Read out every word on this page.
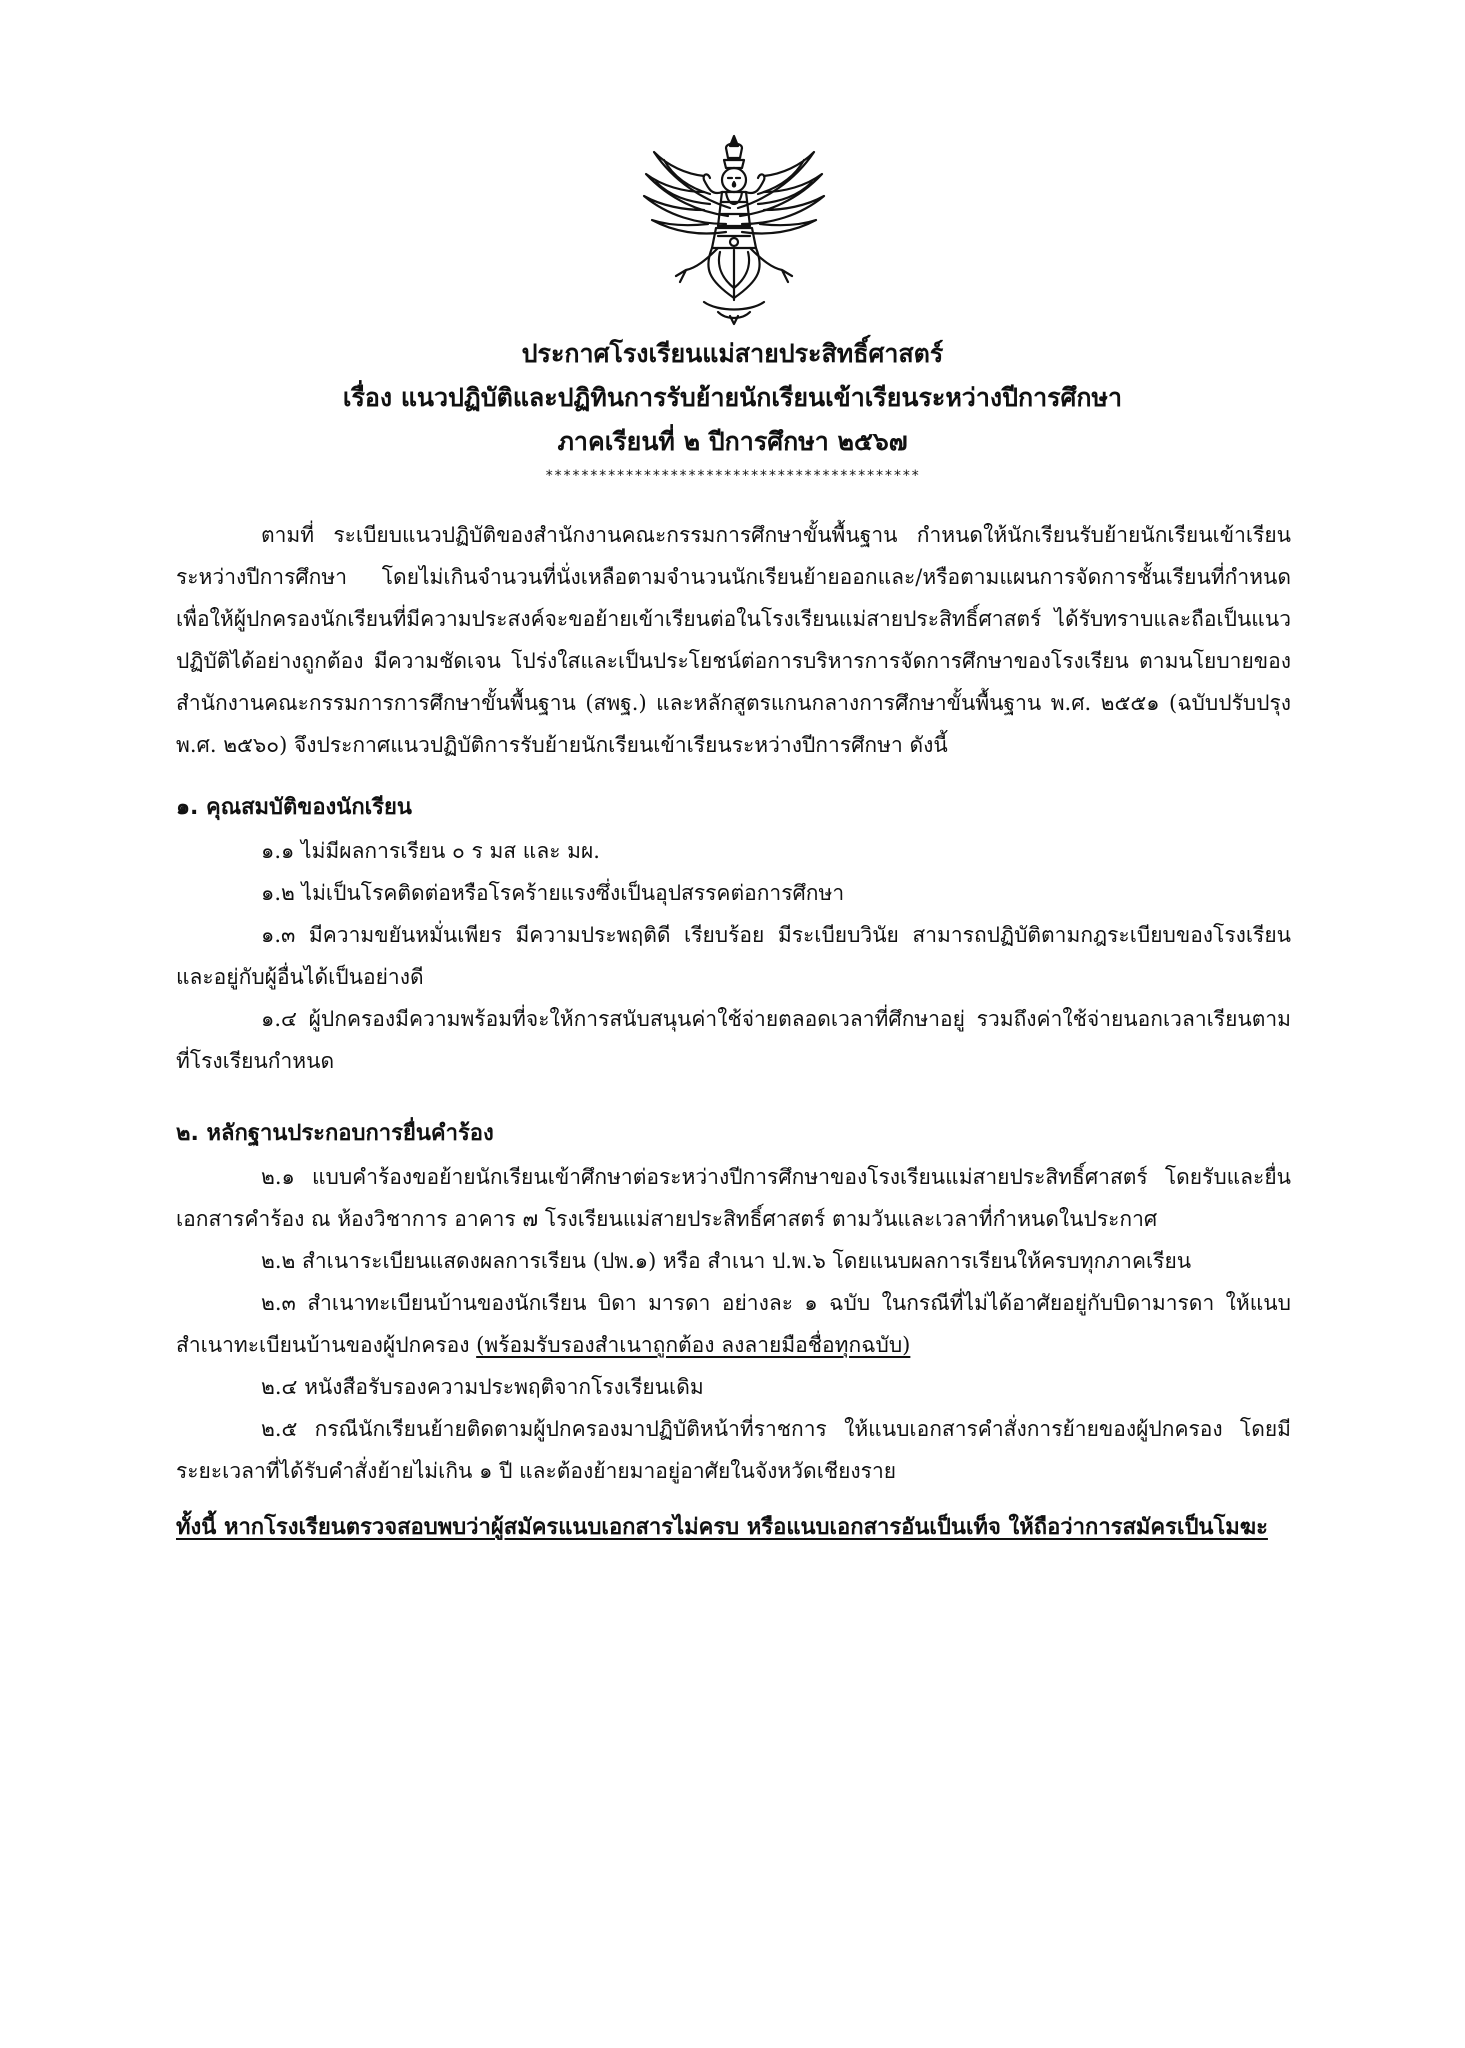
ประกาศโรงเรียนแม่สายประสิทธิ์ศาสตร์
เรื่อง แนวปฏิบัติและปฏิทินการรับย้ายนักเรียนเข้าเรียนระหว่างปีการศึกษา
ภาคเรียนที่ ๒ ปีการศึกษา ๒๕๖๗
******************************************

ตามที่ ระเบียบแนวปฏิบัติของสำนักงานคณะกรรมการศึกษาขั้นพื้นฐาน กำหนดให้นักเรียนรับย้ายนักเรียนเข้าเรียนระหว่างปีการศึกษา โดยไม่เกินจำนวนที่นั่งเหลือตามจำนวนนักเรียนย้ายออกและ/หรือตามแผนการจัดการชั้นเรียนที่กำหนด เพื่อให้ผู้ปกครองนักเรียนที่มีความประสงค์จะขอย้ายเข้าเรียนต่อในโรงเรียนแม่สายประสิทธิ์ศาสตร์ ได้รับทราบและถือเป็นแนวปฏิบัติได้อย่างถูกต้อง มีความชัดเจน โปร่งใสและเป็นประโยชน์ต่อการบริหารการจัดการศึกษาของโรงเรียน ตามนโยบายของสำนักงานคณะกรรมการการศึกษาขั้นพื้นฐาน (สพฐ.) และหลักสูตรแกนกลางการศึกษาขั้นพื้นฐาน พ.ศ. ๒๕๕๑ (ฉบับปรับปรุง พ.ศ. ๒๕๖๐) จึงประกาศแนวปฏิบัติการรับย้ายนักเรียนเข้าเรียนระหว่างปีการศึกษา ดังนี้

๑. คุณสมบัติของนักเรียน

๑.๑ ไม่มีผลการเรียน ๐ ร มส และ มผ.

๑.๒ ไม่เป็นโรคติดต่อหรือโรคร้ายแรงซึ่งเป็นอุปสรรคต่อการศึกษา

๑.๓ มีความขยันหมั่นเพียร มีความประพฤติดี เรียบร้อย มีระเบียบวินัย สามารถปฏิบัติตามกฎระเบียบของโรงเรียน และอยู่กับผู้อื่นได้เป็นอย่างดี

๑.๔ ผู้ปกครองมีความพร้อมที่จะให้การสนับสนุนค่าใช้จ่ายตลอดเวลาที่ศึกษาอยู่ รวมถึงค่าใช้จ่ายนอกเวลาเรียนตามที่โรงเรียนกำหนด

๒. หลักฐานประกอบการยื่นคำร้อง

๒.๑ แบบคำร้องขอย้ายนักเรียนเข้าศึกษาต่อระหว่างปีการศึกษาของโรงเรียนแม่สายประสิทธิ์ศาสตร์ โดยรับและยื่นเอกสารคำร้อง ณ ห้องวิชาการ อาคาร ๗ โรงเรียนแม่สายประสิทธิ์ศาสตร์ ตามวันและเวลาที่กำหนดในประกาศ

๒.๒ สำเนาระเบียนแสดงผลการเรียน (ปพ.๑) หรือ สำเนา ป.พ.๖ โดยแนบผลการเรียนให้ครบทุกภาคเรียน

๒.๓ สำเนาทะเบียนบ้านของนักเรียน บิดา มารดา อย่างละ ๑ ฉบับ ในกรณีที่ไม่ได้อาศัยอยู่กับบิดามารดา ให้แนบสำเนาทะเบียนบ้านของผู้ปกครอง (พร้อมรับรองสำเนาถูกต้อง ลงลายมือชื่อทุกฉบับ)

๒.๔ หนังสือรับรองความประพฤติจากโรงเรียนเดิม

๒.๕ กรณีนักเรียนย้ายติดตามผู้ปกครองมาปฏิบัติหน้าที่ราชการ ให้แนบเอกสารคำสั่งการย้ายของผู้ปกครอง โดยมีระยะเวลาที่ได้รับคำสั่งย้ายไม่เกิน ๑ ปี และต้องย้ายมาอยู่อาศัยในจังหวัดเชียงราย

ทั้งนี้ หากโรงเรียนตรวจสอบพบว่าผู้สมัครแนบเอกสารไม่ครบ หรือแนบเอกสารอันเป็นเท็จ ให้ถือว่าการสมัครเป็นโมฆะ
